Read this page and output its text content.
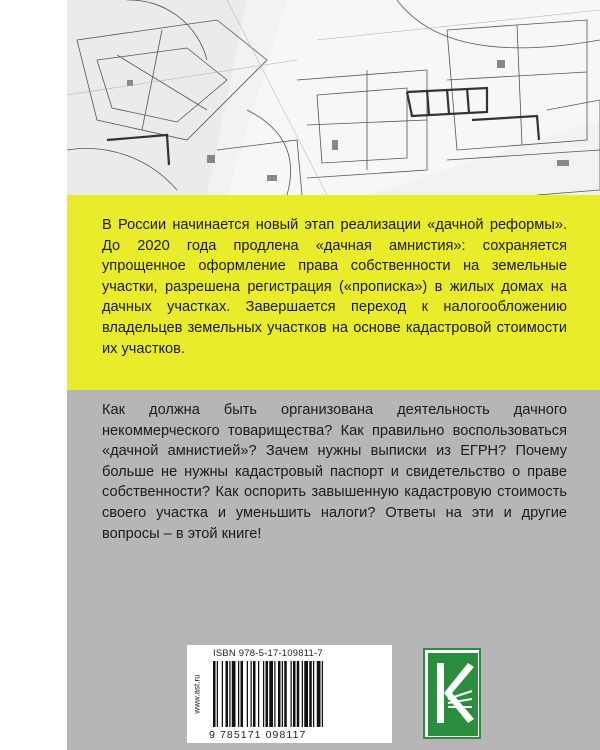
В России начинается новый этап реализации «дачной реформы». До 2020 года продлена «дачная амнистия»: сохраняется упрощенное оформление права собственности на земельные участки, разрешена регистрация («прописка») в жилых домах на дачных участках. Завершается переход к налогообложению владельцев земельных участков на основе кадастровой стоимости их участков.

Как должна быть организована деятельность дачного некоммерческого товарищества? Как правильно воспользоваться «дачной амнистией»? Зачем нужны выписки из ЕГРН? Почему больше не нужны кадастровый паспорт и свидетельство о праве собственности? Как оспорить завышенную кадастровую стоимость своего участка и уменьшить налоги? Ответы на эти и другие вопросы – в этой книге!

www.ast.ru
ISBN 978-5-17-109811-7
9 785171 098117
